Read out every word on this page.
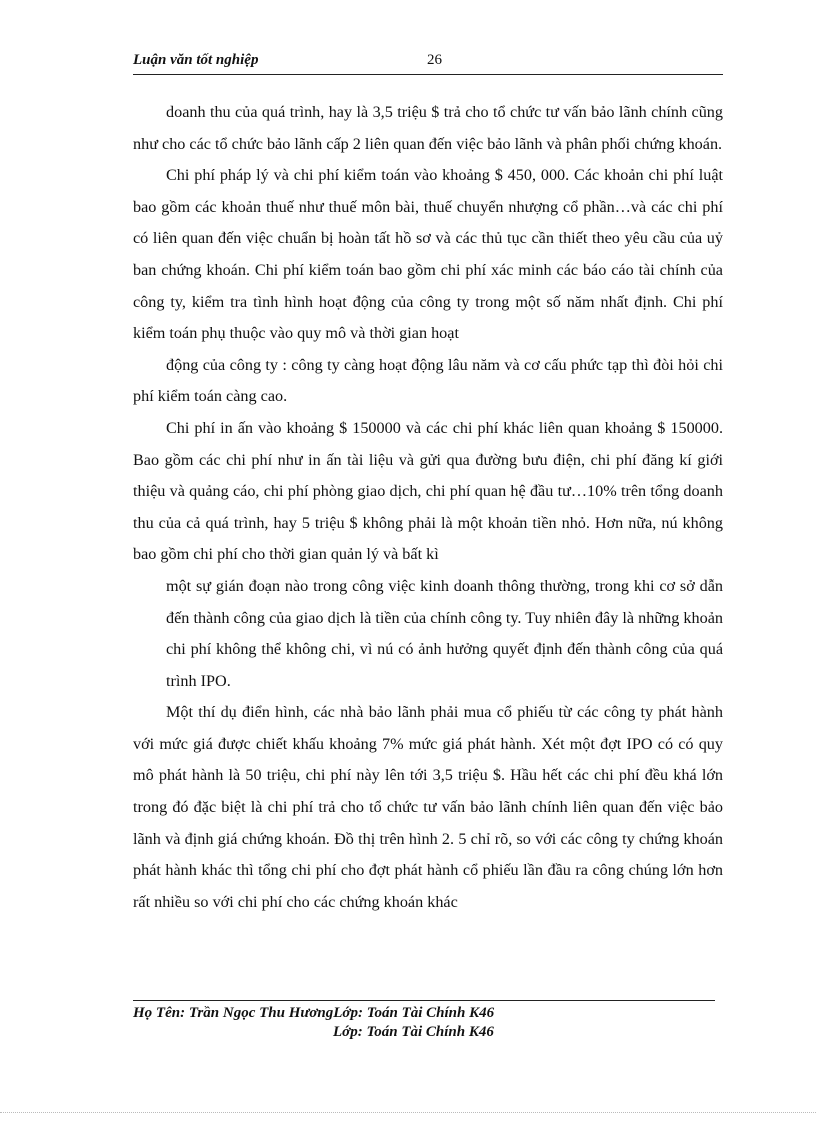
Luận văn tốt nghiệp	26

doanh thu của quá trình, hay là 3,5 triệu $ trả cho tổ chức tư vấn bảo lãnh chính cũng như cho các tổ chức bảo lãnh cấp 2 liên quan đến việc bảo lãnh và phân phối chứng khoán.

Chi phí pháp lý và chi phí kiểm toán vào khoảng $ 450, 000. Các khoản chi phí luật bao gồm các khoản thuế như thuế môn bài, thuế chuyển nhượng cổ phần…và các chi phí có liên quan đến việc chuẩn bị hoàn tất hồ sơ và các thủ tục cần thiết theo yêu cầu của uỷ ban chứng khoán. Chi phí kiểm toán bao gồm chi phí xác minh các báo cáo tài chính của công ty, kiểm tra tình hình hoạt động của công ty trong một số năm nhất định. Chi phí kiểm toán phụ thuộc vào quy mô và thời gian hoạt

động của công ty : công ty càng hoạt động lâu năm và cơ cấu phức tạp thì đòi hỏi chi phí kiểm toán càng cao.

Chi phí in ấn vào khoảng $ 150000 và các chi phí khác liên quan khoảng $ 150000. Bao gồm các chi phí như in ấn tài liệu và gửi qua đường bưu điện, chi phí đăng kí giới thiệu và quảng cáo, chi phí phòng giao dịch, chi phí quan hệ đầu tư…10% trên tổng doanh thu của cả quá trình, hay 5 triệu $ không phải là một khoản tiền nhỏ. Hơn nữa, nú không bao gồm chi phí cho thời gian quản lý và bất kì

một sự gián đoạn nào trong công việc kinh doanh thông thường, trong khi cơ sở dẫn đến thành công của giao dịch là tiền của chính công ty. Tuy nhiên đây là những khoản chi phí không thể không chi, vì nú có ảnh hưởng quyết định đến thành công của quá trình IPO.

Một thí dụ điển hình, các nhà bảo lãnh phải mua cổ phiếu từ các công ty phát hành với mức giá được chiết khấu khoảng 7% mức giá phát hành. Xét một đợt IPO có có quy mô phát hành là 50 triệu, chi phí này lên tới 3,5 triệu $. Hầu hết các chi phí đều khá lớn trong đó đặc biệt là chi phí trả cho tổ chức tư vấn bảo lãnh chính liên quan đến việc bảo lãnh và định giá chứng khoán. Đồ thị trên hình 2. 5 chỉ rõ, so với các công ty chứng khoán phát hành khác thì tổng chi phí cho đợt phát hành cổ phiếu lần đầu ra công chúng lớn hơn rất nhiều so với chi phí cho các chứng khoán khác

Họ Tên: Trần Ngọc Thu HươngLớp: Toán Tài Chính K46
Lớp: Toán Tài Chính K46
